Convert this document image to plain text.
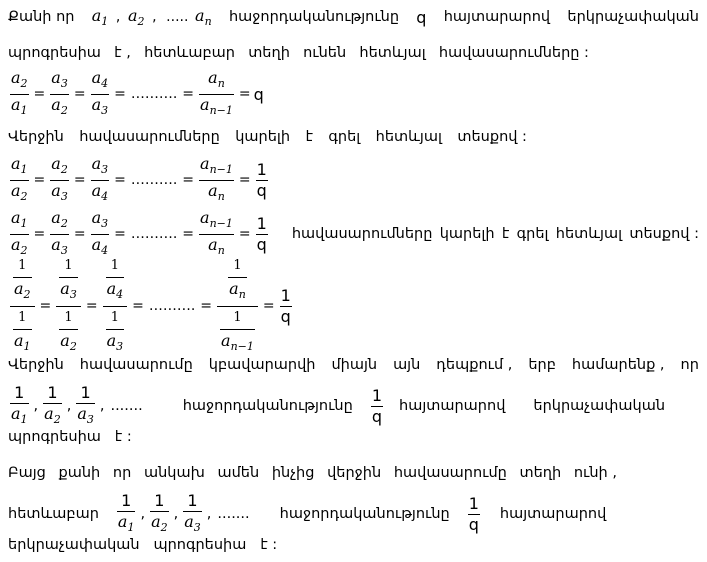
Քանի որ $a_1$ , $a_2$ , ..... $a_n$ հաջորդականությունը q հայտարարով երկրաչափական
պրոգրեսիա է , հետևաբար տեղի ունեն հետևյալ հավասարումները :
$\frac{a_2}{a_1} = \frac{a_3}{a_2} = \frac{a_4}{a_3}$ = ………. = $\frac{a_n}{a_{n-1}} = q$
Վերջին հավասարումները կարելի է գրել հետևյալ տեսքով :
$\frac{a_1}{a_2} = \frac{a_2}{a_3} = \frac{a_3}{a_4}$ = ………. = $\frac{a_{n-1}}{a_n} = \frac{1}{q}$
$\frac{a_1}{a_2} = \frac{a_2}{a_3} = \frac{a_3}{a_4}$ = ………. = $\frac{a_{n-1}}{a_n} = \frac{1}{q}$ հավասարումները կարելի է գրել հետևյալ տեսքով :
$\frac{\frac{1}{a_2}}{\frac{1}{a_1}} = \frac{\frac{1}{a_3}}{\frac{1}{a_2}} = \frac{\frac{1}{a_4}}{\frac{1}{a_3}}$ = ………. = $\frac{\frac{1}{a_n}}{\frac{1}{a_{n-1}}} = \frac{1}{q}$
Վերջին հավասարումը կբավարարվի միայն այն դեպքում , երբ համարենք , որ
$\frac{1}{a_1}$ , $\frac{1}{a_2}$ , $\frac{1}{a_3}$ , .......	հաջորդականությունը $\frac{1}{q}$ հայտարարով երկրաչափական
պրոգրեսիա   է :
Բայց քանի որ անկախ ամեն ինչից վերջին հավասարումը տեղի ունի ,
հետևաբար $\frac{1}{a_1}$ , $\frac{1}{a_2}$ , $\frac{1}{a_3}$ , ....... հաջորդականությունը $\frac{1}{q}$ հայտարարով
երկրաչափական   պրոգրեսիա   է :
